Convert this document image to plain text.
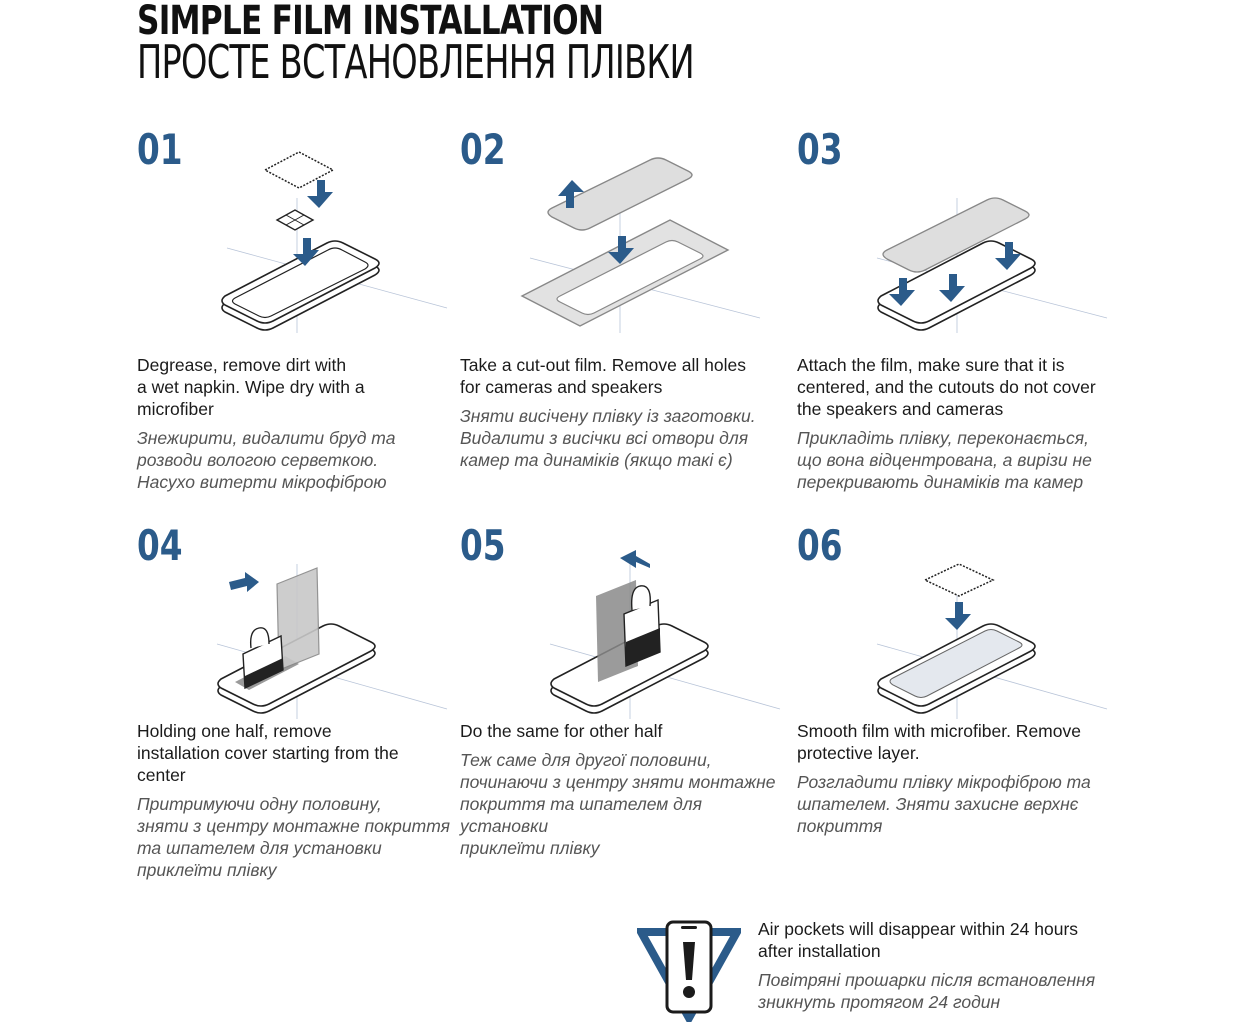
SIMPLE FILM INSTALLATION
ПРОСТЕ ВСТАНОВЛЕННЯ ПЛІВКИ
01
Degrease, remove dirt with
a wet napkin. Wipe dry with a
microfiber
Знежирити, видалити бруд та
розводи вологою серветкою.
Насухо витерти мікрофіброю
02
Take a cut-out film. Remove all holes
for cameras and speakers
Зняти висічену плівку із заготовки.
Видалити з висічки всі отвори для
камер та динаміків (якщо такі є)
03
Attach the film, make sure that it is
centered, and the cutouts do not cover
the speakers and cameras
Прикладіть плівку, переконається,
що вона відцентрована, а вирізи не
перекривають динаміків та камер
04
Holding one half, remove
installation cover starting from the
center
Притримуючи одну половину,
зняти з центру монтажне покриття
та шпателем для установки
приклеїти плівку
05
Do the same for other half
Теж саме для другої половини,
починаючи з центру зняти монтажне
покриття та шпателем для установки
приклеїти плівку
06
Smooth film with microfiber. Remove
protective layer.
Розгладити плівку мікрофіброю та
шпателем. Зняти захисне верхнє
покриття
Air pockets will disappear within 24 hours
after installation
Повітряні прошарки після встановлення
зникнуть протягом 24 годин
